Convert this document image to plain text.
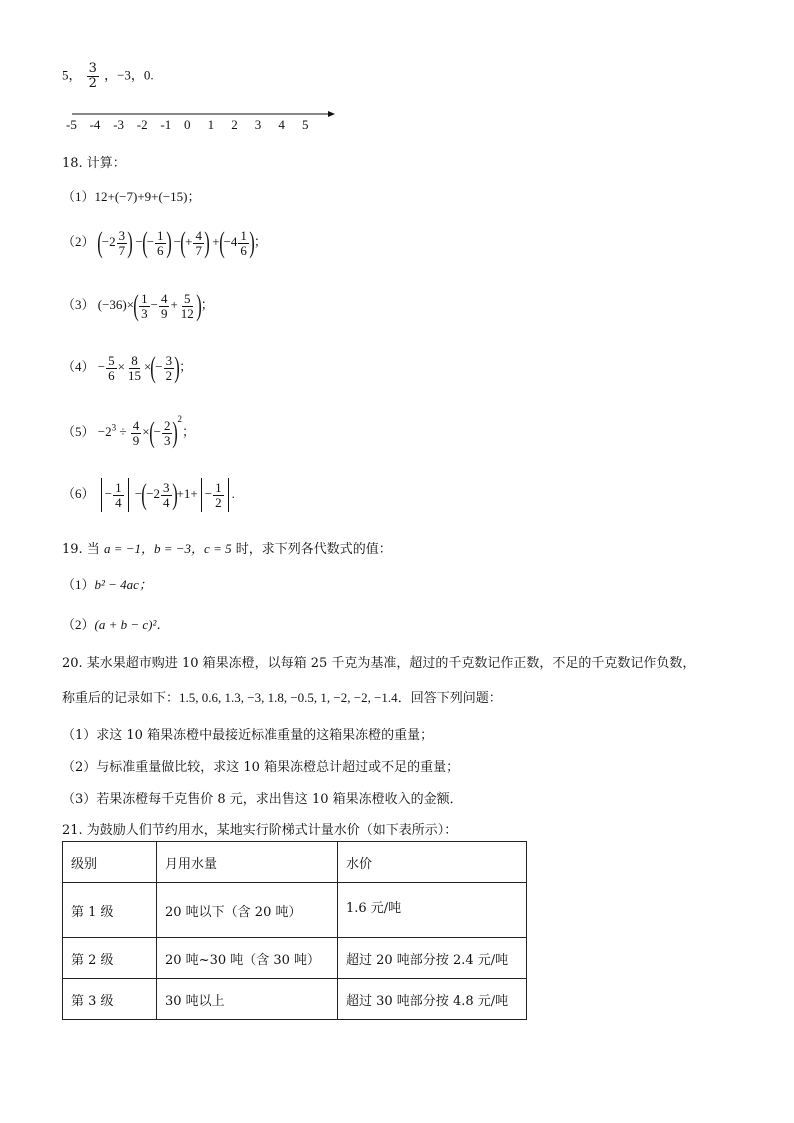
5， $\frac{3}{2}$ ，−3，0.
-5 -4 -3 -2 -1 0 1 2 3 4 5
18. 计算：
（1）12+(−7)+9+(−15)；
（2） ($-2 \frac{3}{7}$ ) −(− $\frac{1}{6}$ ) −(+ $\frac{4}{7}$ ) $+(-4 \frac{1}{6}$ )；
（3） $(-36)\times( \frac{1}{3} - \frac{4}{9} + \frac{5}{12}$ )；
$(4) - \frac{5}{6} \times \frac{8}{15}$ ×(− $\frac{3}{2}$ )；
$(5) -2^3 \div \frac{4}{9}$ ×(− $\frac{2}{3} )^2$；
$(6) - \frac{1}{4} -(-2 \frac{3}{4} )+1+ - \frac{1}{2}$ .
19. 当 a = −1，b = −3，c = 5 时，求下列各代数式的值：
（1）b² − 4ac；
（2）(a + b − c)²．
20. 某水果超市购进 10 箱果冻橙，以每箱 25 千克为基准，超过的千克数记作正数，不足的千克数记作负数，
称重后的记录如下：1.5, 0.6, 1.3, −3, 1.8, −0.5, 1, −2, −2, −1.4．回答下列问题：
（1）求这 10 箱果冻橙中最接近标准重量的这箱果冻橙的重量；
（2）与标准重量做比较，求这 10 箱果冻橙总计超过或不足的重量；
（3）若果冻橙每千克售价 8 元，求出售这 10 箱果冻橙收入的金额．
21. 为鼓励人们节约用水，某地实行阶梯式计量水价（如下表所示）：
级别	月用水量	水价
第 1 级	20 吨以下（含 20 吨）	1.6 元/吨
第 2 级	20 吨~30 吨（含 30 吨）	超过 20 吨部分按 2.4 元/吨
第 3 级	30 吨以上	超过 30 吨部分按 4.8 元/吨
